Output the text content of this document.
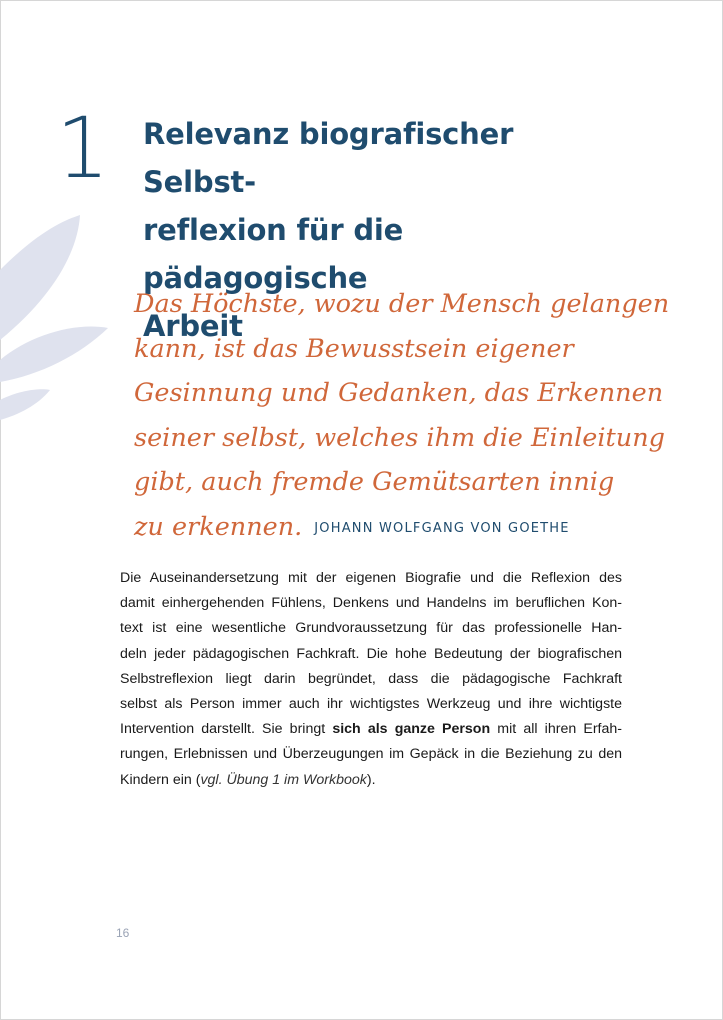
1 Relevanz biografischer Selbst-
reflexion für die pädagogische
Arbeit
Das Höchste, wozu der Mensch gelangen
kann, ist das Bewusstsein eigener
Gesinnung und Gedanken, das Erkennen
seiner selbst, welches ihm die Einleitung
gibt, auch fremde Gemütsarten innig
zu erkennen. JOHANN WOLFGANG VON GOETHE
Die Auseinandersetzung mit der eigenen Biografie und die Reflexion des
damit einhergehenden Fühlens, Denkens und Handelns im beruflichen Kon-
text ist eine wesentliche Grundvoraussetzung für das professionelle Han-
deln jeder pädagogischen Fachkraft. Die hohe Bedeutung der biografischen
Selbstreflexion liegt darin begründet, dass die pädagogische Fachkraft
selbst als Person immer auch ihr wichtigstes Werkzeug und ihre wichtigste
Intervention darstellt. Sie bringt sich als ganze Person mit all ihren Erfah-
rungen, Erlebnissen und Überzeugungen im Gepäck in die Beziehung zu den
Kindern ein (vgl. Übung 1 im Workbook).
16
